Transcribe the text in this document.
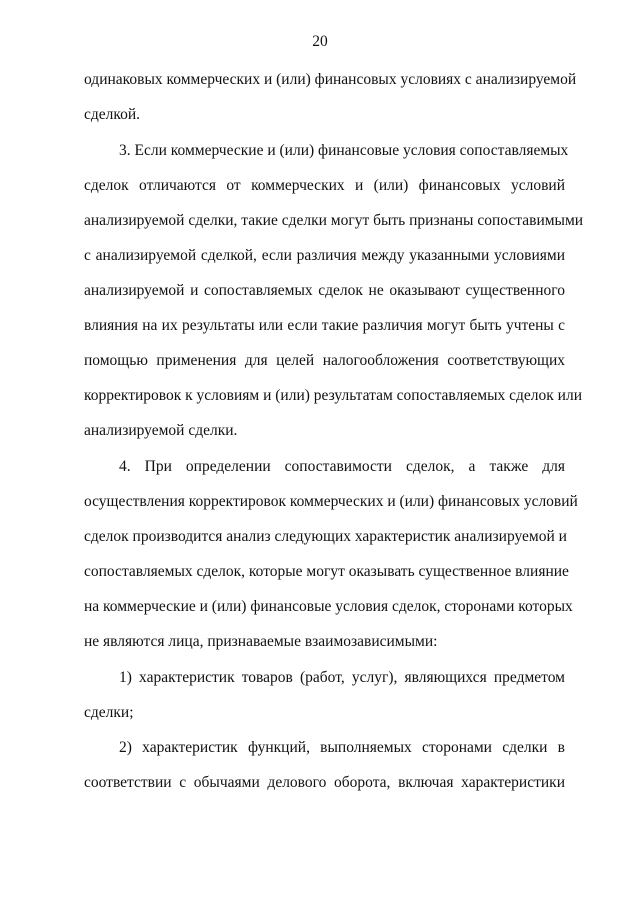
20
одинаковых коммерческих и (или) финансовых условиях с анализируемой
сделкой.
3. Если коммерческие и (или) финансовые условия сопоставляемых
сделок отличаются от коммерческих и (или) финансовых условий
анализируемой сделки, такие сделки могут быть признаны сопоставимыми
с анализируемой сделкой, если различия между указанными условиями
анализируемой и сопоставляемых сделок не оказывают существенного
влияния на их результаты или если такие различия могут быть учтены с
помощью применения для целей налогообложения соответствующих
корректировок к условиям и (или) результатам сопоставляемых сделок или
анализируемой сделки.
4. При определении сопоставимости сделок, а также для
осуществления корректировок коммерческих и (или) финансовых условий
сделок производится анализ следующих характеристик анализируемой и
сопоставляемых сделок, которые могут оказывать существенное влияние
на коммерческие и (или) финансовые условия сделок, сторонами которых
не являются лица, признаваемые взаимозависимыми:
1) характеристик товаров (работ, услуг), являющихся предметом
сделки;
2) характеристик функций, выполняемых сторонами сделки в
соответствии с обычаями делового оборота, включая характеристики
